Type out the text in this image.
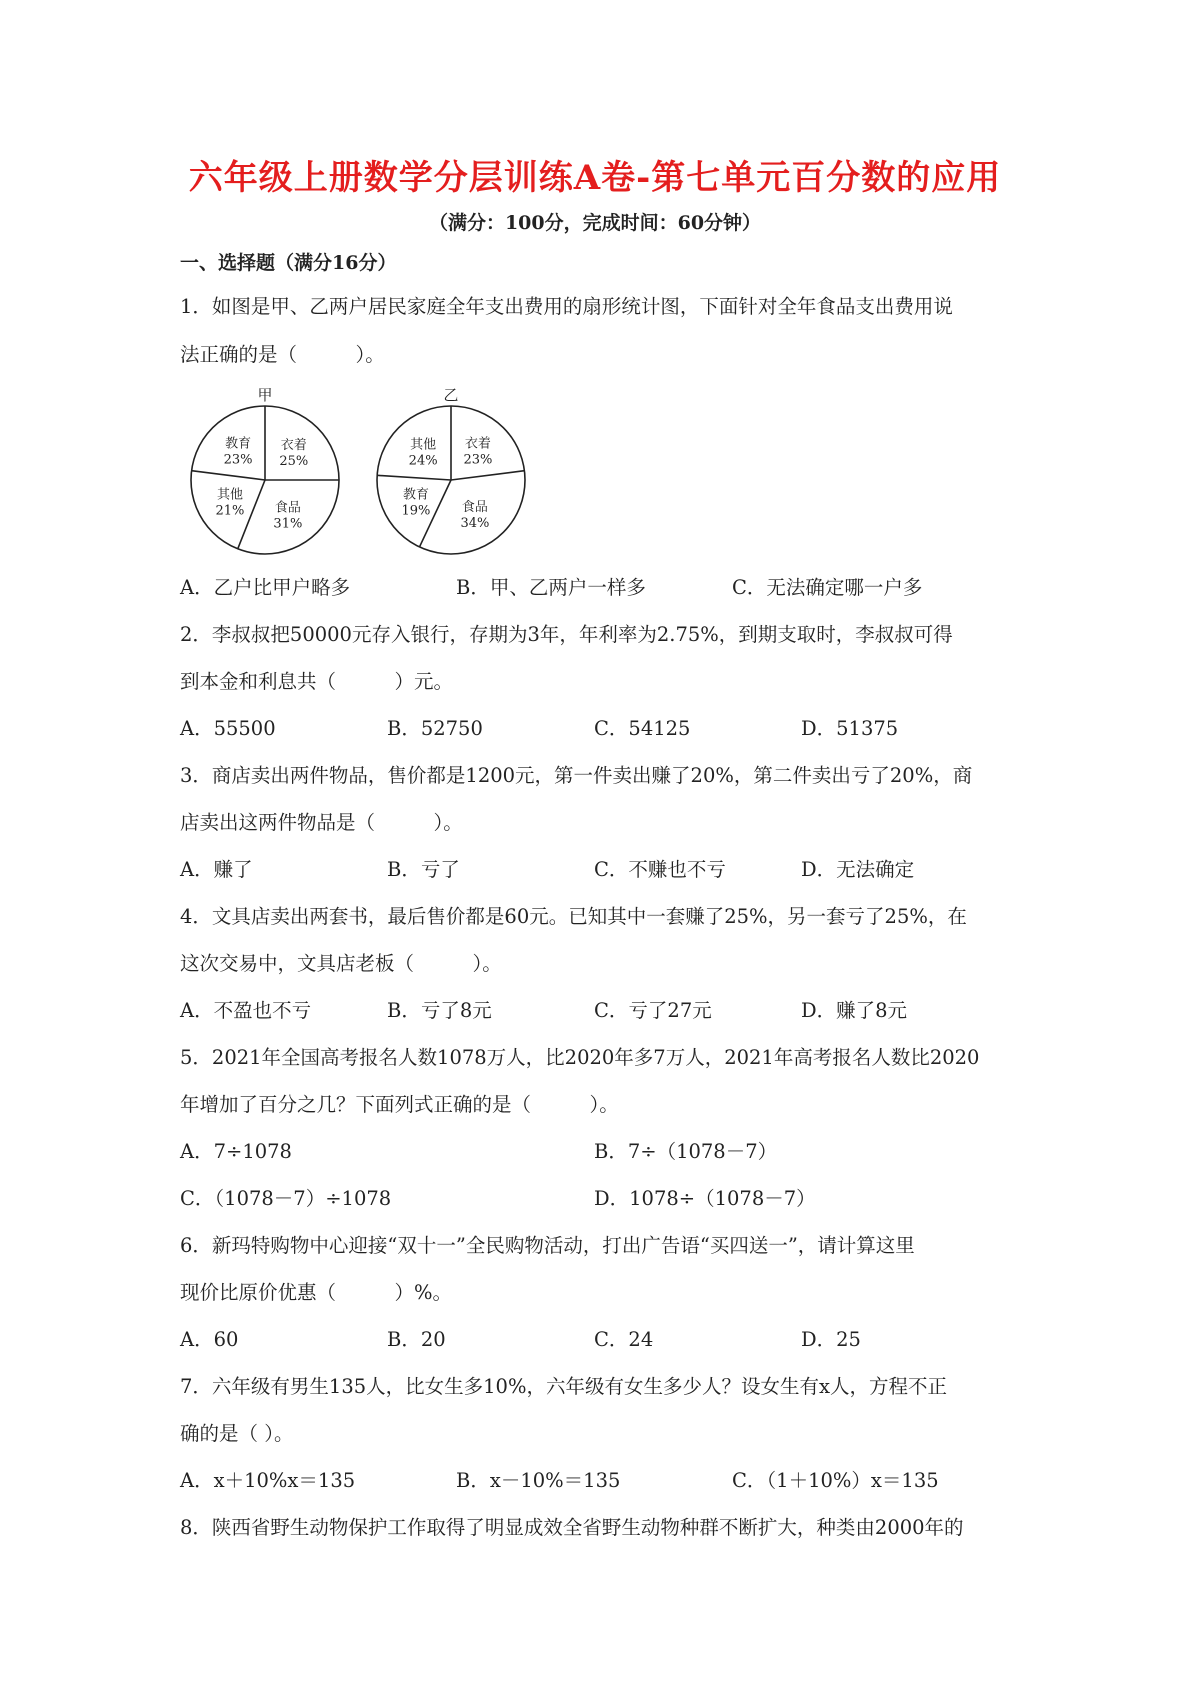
六年级上册数学分层训练A卷-第七单元百分数的应用
（满分：100分，完成时间：60分钟）
一、选择题（满分16分）
1．如图是甲、乙两户居民家庭全年支出费用的扇形统计图，下面针对全年食品支出费用说
法正确的是（　　　）。
甲
衣着
25%
食品
31%
其他
21%
教育
23%
乙
衣着
23%
食品
34%
教育
19%
其他
24%
A．乙户比甲户略多	B．甲、乙两户一样多	C．无法确定哪一户多
2．李叔叔把50000元存入银行，存期为3年，年利率为2.75%，到期支取时，李叔叔可得
到本金和利息共（　　　）元。
A．55500	B．52750	C．54125	D．51375
3．商店卖出两件物品，售价都是1200元，第一件卖出赚了20%，第二件卖出亏了20%，商
店卖出这两件物品是（　　　）。
A．赚了	B．亏了	C．不赚也不亏	D．无法确定
4．文具店卖出两套书，最后售价都是60元。已知其中一套赚了25%，另一套亏了25%，在
这次交易中，文具店老板（　　　）。
A．不盈也不亏	B．亏了8元	C．亏了27元	D．赚了8元
5．2021年全国高考报名人数1078万人，比2020年多7万人，2021年高考报名人数比2020
年增加了百分之几？下面列式正确的是（　　　）。
A．7÷1078	B．7÷（1078－7）
C．（1078－7）÷1078	D．1078÷（1078－7）
6．新玛特购物中心迎接“双十一”全民购物活动，打出广告语“买四送一”，请计算这里
现价比原价优惠（　　　）%。
A．60	B．20	C．24	D．25
7．六年级有男生135人，比女生多10%，六年级有女生多少人？设女生有x人，方程不正
确的是（ ）。
A．x＋10%x＝135	B．x－10%＝135	C．（1＋10%）x＝135
8．陕西省野生动物保护工作取得了明显成效全省野生动物种群不断扩大，种类由2000年的
